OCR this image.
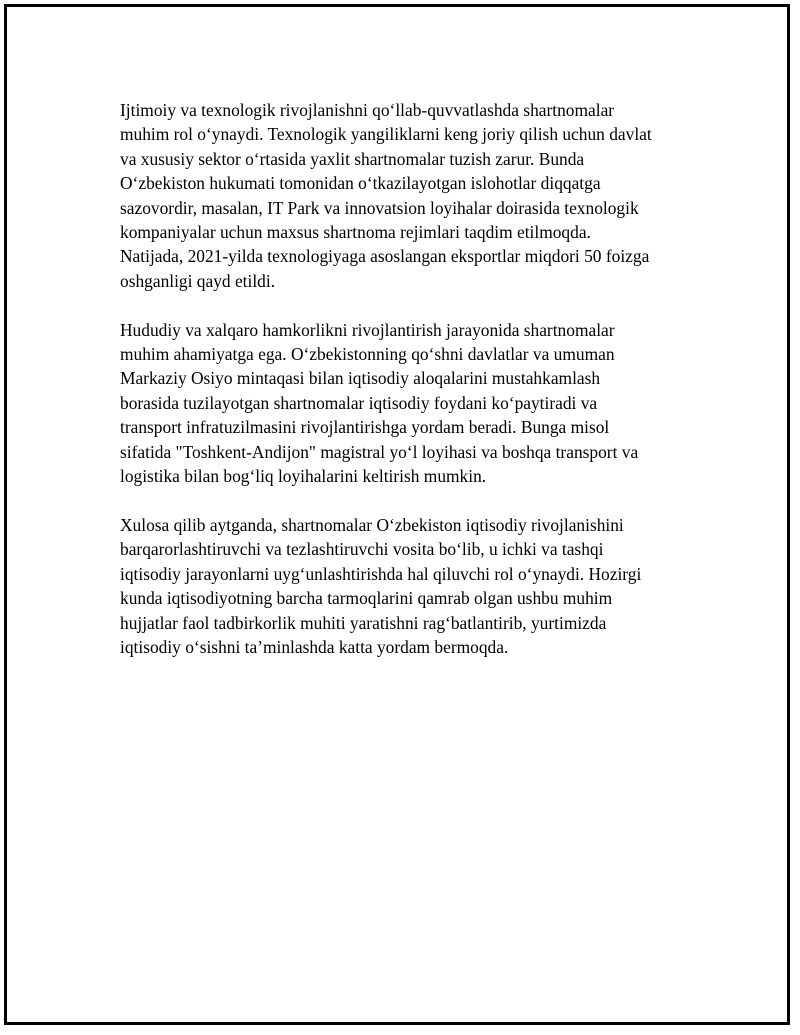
Ijtimoiy va texnologik rivojlanishni qo‘llab-quvvatlashda shartnomalar
muhim rol o‘ynaydi. Texnologik yangiliklarni keng joriy qilish uchun davlat
va xususiy sektor o‘rtasida yaxlit shartnomalar tuzish zarur. Bunda
O‘zbekiston hukumati tomonidan o‘tkazilayotgan islohotlar diqqatga
sazovordir, masalan, IT Park va innovatsion loyihalar doirasida texnologik
kompaniyalar uchun maxsus shartnoma rejimlari taqdim etilmoqda.
Natijada, 2021-yilda texnologiyaga asoslangan eksportlar miqdori 50 foizga
oshganligi qayd etildi.

Hududiy va xalqaro hamkorlikni rivojlantirish jarayonida shartnomalar
muhim ahamiyatga ega. O‘zbekistonning qo‘shni davlatlar va umuman
Markaziy Osiyo mintaqasi bilan iqtisodiy aloqalarini mustahkamlash
borasida tuzilayotgan shartnomalar iqtisodiy foydani ko‘paytiradi va
transport infratuzilmasini rivojlantirishga yordam beradi. Bunga misol
sifatida "Toshkent-Andijon" magistral yo‘l loyihasi va boshqa transport va
logistika bilan bog‘liq loyihalarini keltirish mumkin.

Xulosa qilib aytganda, shartnomalar O‘zbekiston iqtisodiy rivojlanishini
barqarorlashtiruvchi va tezlashtiruvchi vosita bo‘lib, u ichki va tashqi
iqtisodiy jarayonlarni uyg‘unlashtirishda hal qiluvchi rol o‘ynaydi. Hozirgi
kunda iqtisodiyotning barcha tarmoqlarini qamrab olgan ushbu muhim
hujjatlar faol tadbirkorlik muhiti yaratishni rag‘batlantirib, yurtimizda
iqtisodiy o‘sishni ta’minlashda katta yordam bermoqda.
